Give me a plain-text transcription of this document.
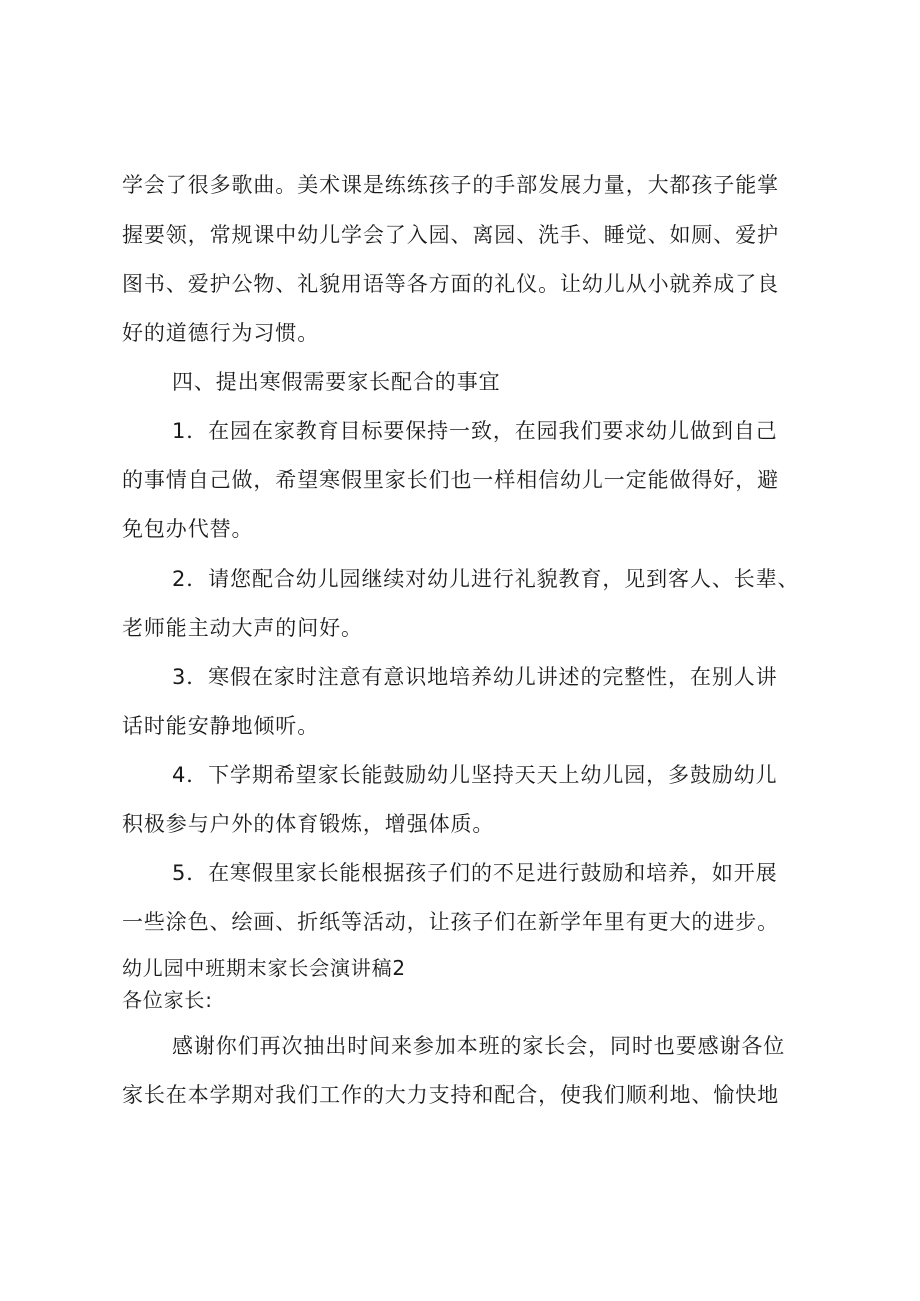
学会了很多歌曲。美术课是练练孩子的手部发展力量，大都孩子能掌
握要领，常规课中幼儿学会了入园、离园、洗手、睡觉、如厕、爱护
图书、爱护公物、礼貌用语等各方面的礼仪。让幼儿从小就养成了良
好的道德行为习惯。
四、提出寒假需要家长配合的事宜
1．在园在家教育目标要保持一致，在园我们要求幼儿做到自己
的事情自己做，希望寒假里家长们也一样相信幼儿一定能做得好，避
免包办代替。
2．请您配合幼儿园继续对幼儿进行礼貌教育，见到客人、长辈、
老师能主动大声的问好。
3．寒假在家时注意有意识地培养幼儿讲述的完整性，在别人讲
话时能安静地倾听。
4．下学期希望家长能鼓励幼儿坚持天天上幼儿园，多鼓励幼儿
积极参与户外的体育锻炼，增强体质。
5．在寒假里家长能根据孩子们的不足进行鼓励和培养，如开展
一些涂色、绘画、折纸等活动，让孩子们在新学年里有更大的进步。
幼儿园中班期末家长会演讲稿2
各位家长:
感谢你们再次抽出时间来参加本班的家长会，同时也要感谢各位
家长在本学期对我们工作的大力支持和配合，使我们顺利地、愉快地
